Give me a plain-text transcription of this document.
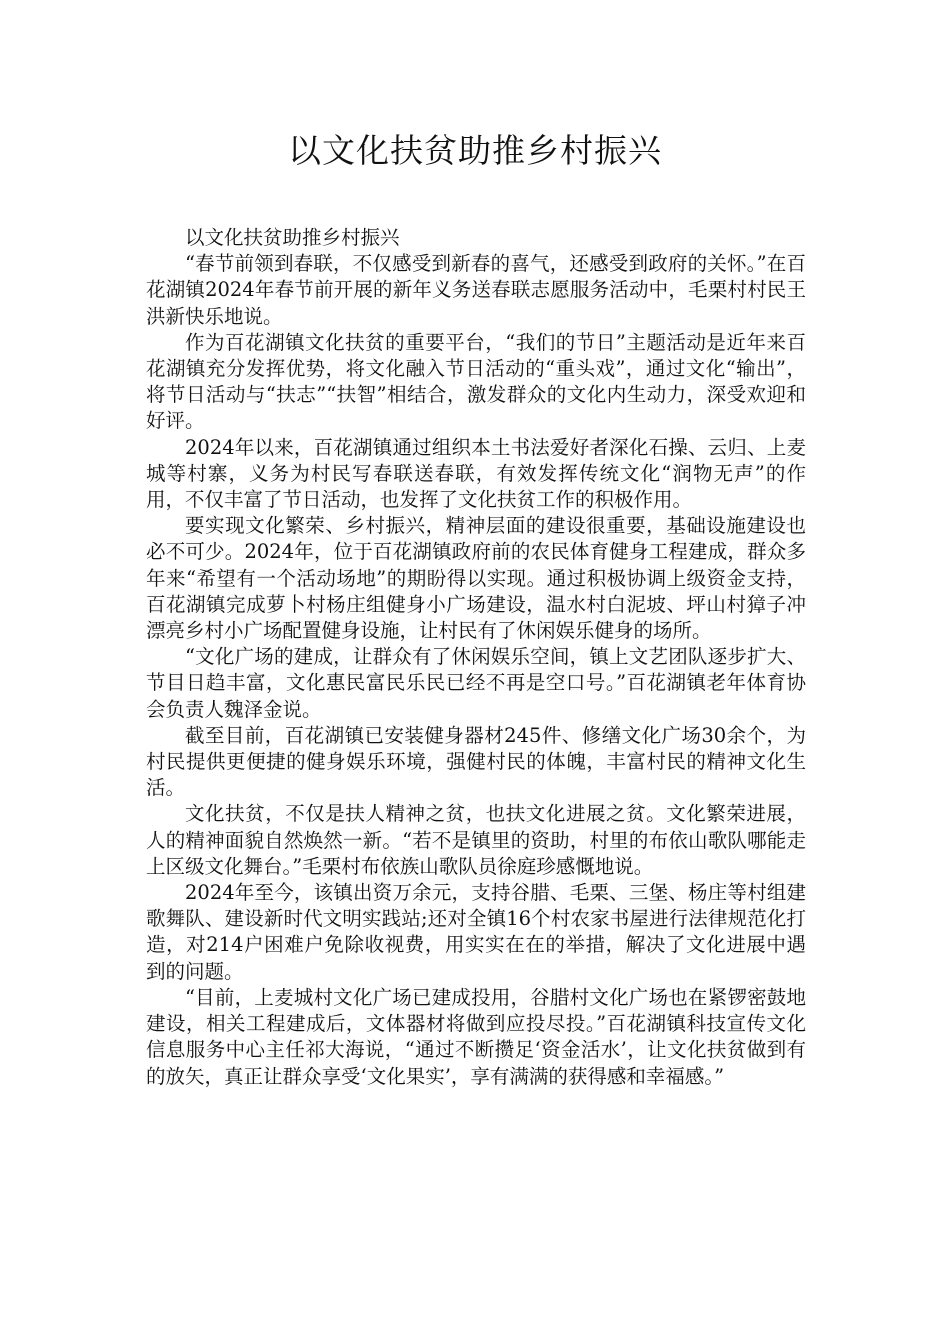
以文化扶贫助推乡村振兴

以文化扶贫助推乡村振兴

“春节前领到春联，不仅感受到新春的喜气，还感受到政府的关怀。”在百花湖镇2024年春节前开展的新年义务送春联志愿服务活动中，毛栗村村民王洪新快乐地说。

作为百花湖镇文化扶贫的重要平台，“我们的节日”主题活动是近年来百花湖镇充分发挥优势，将文化融入节日活动的“重头戏”，通过文化“输出”，将节日活动与“扶志”“扶智”相结合，激发群众的文化内生动力，深受欢迎和好评。

2024年以来，百花湖镇通过组织本土书法爱好者深化石操、云归、上麦城等村寨，义务为村民写春联送春联，有效发挥传统文化“润物无声”的作用，不仅丰富了节日活动，也发挥了文化扶贫工作的积极作用。

要实现文化繁荣、乡村振兴，精神层面的建设很重要，基础设施建设也必不可少。2024年，位于百花湖镇政府前的农民体育健身工程建成，群众多年来“希望有一个活动场地”的期盼得以实现。通过积极协调上级资金支持，百花湖镇完成萝卜村杨庄组健身小广场建设，温水村白泥坡、坪山村獐子冲漂亮乡村小广场配置健身设施，让村民有了休闲娱乐健身的场所。

“文化广场的建成，让群众有了休闲娱乐空间，镇上文艺团队逐步扩大、节目日趋丰富，文化惠民富民乐民已经不再是空口号。”百花湖镇老年体育协会负责人魏泽金说。

截至目前，百花湖镇已安装健身器材245件、修缮文化广场30余个，为村民提供更便捷的健身娱乐环境，强健村民的体魄，丰富村民的精神文化生活。

文化扶贫，不仅是扶人精神之贫，也扶文化进展之贫。文化繁荣进展，人的精神面貌自然焕然一新。“若不是镇里的资助，村里的布依山歌队哪能走上区级文化舞台。”毛栗村布依族山歌队员徐庭珍感慨地说。

2024年至今，该镇出资万余元，支持谷腊、毛栗、三堡、杨庄等村组建歌舞队、建设新时代文明实践站;还对全镇16个村农家书屋进行法律规范化打造，对214户困难户免除收视费，用实实在在的举措，解决了文化进展中遇到的问题。

“目前，上麦城村文化广场已建成投用，谷腊村文化广场也在紧锣密鼓地建设，相关工程建成后，文体器材将做到应投尽投。”百花湖镇科技宣传文化信息服务中心主任祁大海说，“通过不断攒足‘资金活水’，让文化扶贫做到有的放矢，真正让群众享受‘文化果实’，享有满满的获得感和幸福感。”
